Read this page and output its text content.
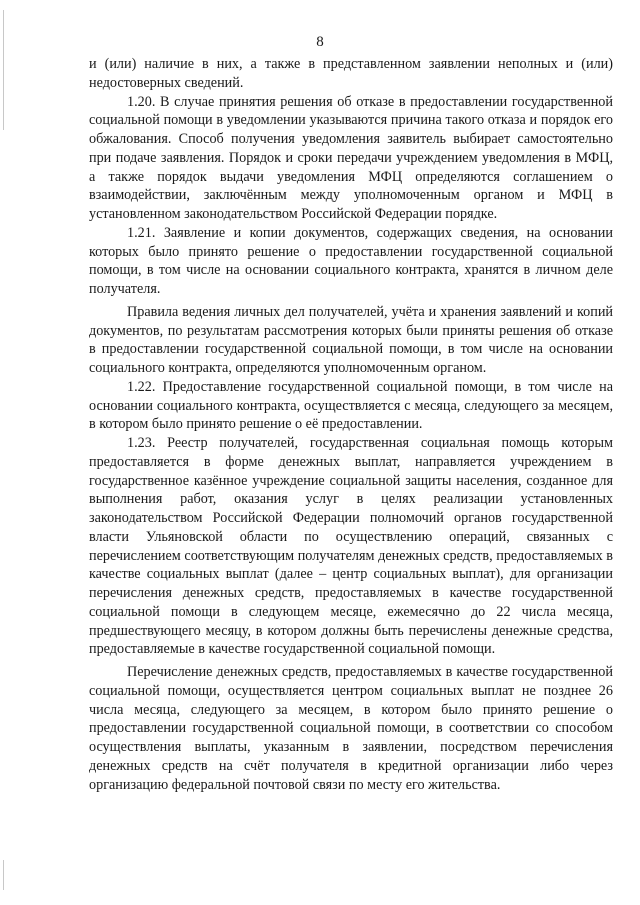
8

и (или) наличие в них, а также в представленном заявлении неполных и (или) недостоверных сведений.

1.20. В случае принятия решения об отказе в предоставлении государственной социальной помощи в уведомлении указываются причина такого отказа и порядок его обжалования. Способ получения уведомления заявитель выбирает самостоятельно при подаче заявления. Порядок и сроки передачи учреждением уведомления в МФЦ, а также порядок выдачи уведомления МФЦ определяются соглашением о взаимодействии, заключённым между уполномоченным органом и МФЦ в установленном законодательством Российской Федерации порядке.

1.21. Заявление и копии документов, содержащих сведения, на основании которых было принято решение о предоставлении государственной социальной помощи, в том числе на основании социального контракта, хранятся в личном деле получателя.

Правила ведения личных дел получателей, учёта и хранения заявлений и копий документов, по результатам рассмотрения которых были приняты решения об отказе в предоставлении государственной социальной помощи, в том числе на основании социального контракта, определяются уполномоченным органом.

1.22. Предоставление государственной социальной помощи, в том числе на основании социального контракта, осуществляется с месяца, следующего за месяцем, в котором было принято решение о её предоставлении.

1.23. Реестр получателей, государственная социальная помощь которым предоставляется в форме денежных выплат, направляется учреждением в государственное казённое учреждение социальной защиты населения, созданное для выполнения работ, оказания услуг в целях реализации установленных законодательством Российской Федерации полномочий органов государственной власти Ульяновской области по осуществлению операций, связанных с перечислением соответствующим получателям денежных средств, предоставляемых в качестве социальных выплат (далее – центр социальных выплат), для организации перечисления денежных средств, предоставляемых в качестве государственной социальной помощи в следующем месяце, ежемесячно до 22 числа месяца, предшествующего месяцу, в котором должны быть перечислены денежные средства, предоставляемые в качестве государственной социальной помощи.

Перечисление денежных средств, предоставляемых в качестве государственной социальной помощи, осуществляется центром социальных выплат не позднее 26 числа месяца, следующего за месяцем, в котором было принято решение о предоставлении государственной социальной помощи, в соответствии со способом осуществления выплаты, указанным в заявлении, посредством перечисления денежных средств на счёт получателя в кредитной организации либо через организацию федеральной почтовой связи по месту его жительства.
